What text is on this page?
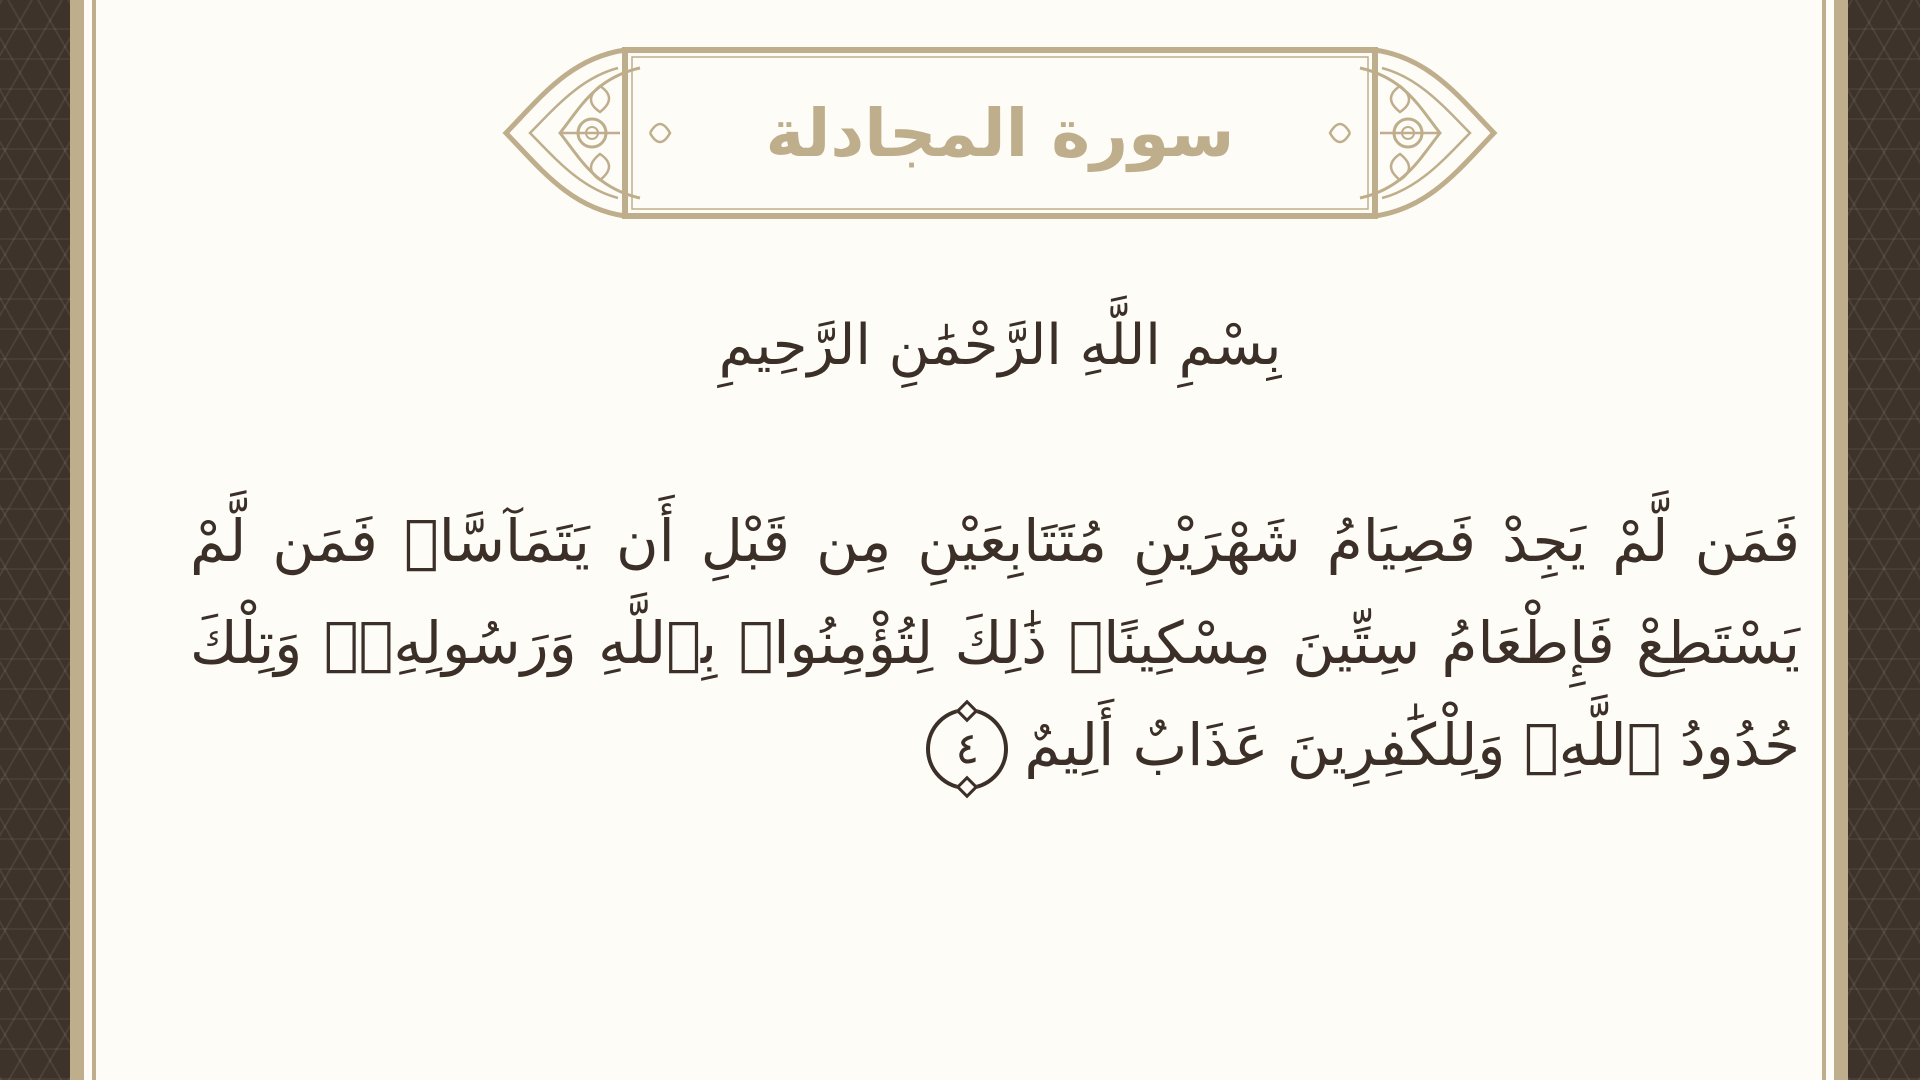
سورة المجادلة
بِسْمِ اللَّهِ الرَّحْمَٰنِ الرَّحِيمِ
فَمَن لَّمْ يَجِدْ فَصِيَامُ شَهْرَيْنِ مُتَتَابِعَيْنِ مِن قَبْلِ أَن يَتَمَآسَّاۖ فَمَن لَّمْ يَسْتَطِعْ فَإِطْعَامُ سِتِّينَ مِسْكِينًاۚ ذَٰلِكَ لِتُؤْمِنُوا۟ بِٱللَّهِ وَرَسُولِهِۦۚ وَتِلْكَ حُدُودُ ٱللَّهِۗ وَلِلْكَٰفِرِينَ عَذَابٌ أَلِيمٌ
٤
